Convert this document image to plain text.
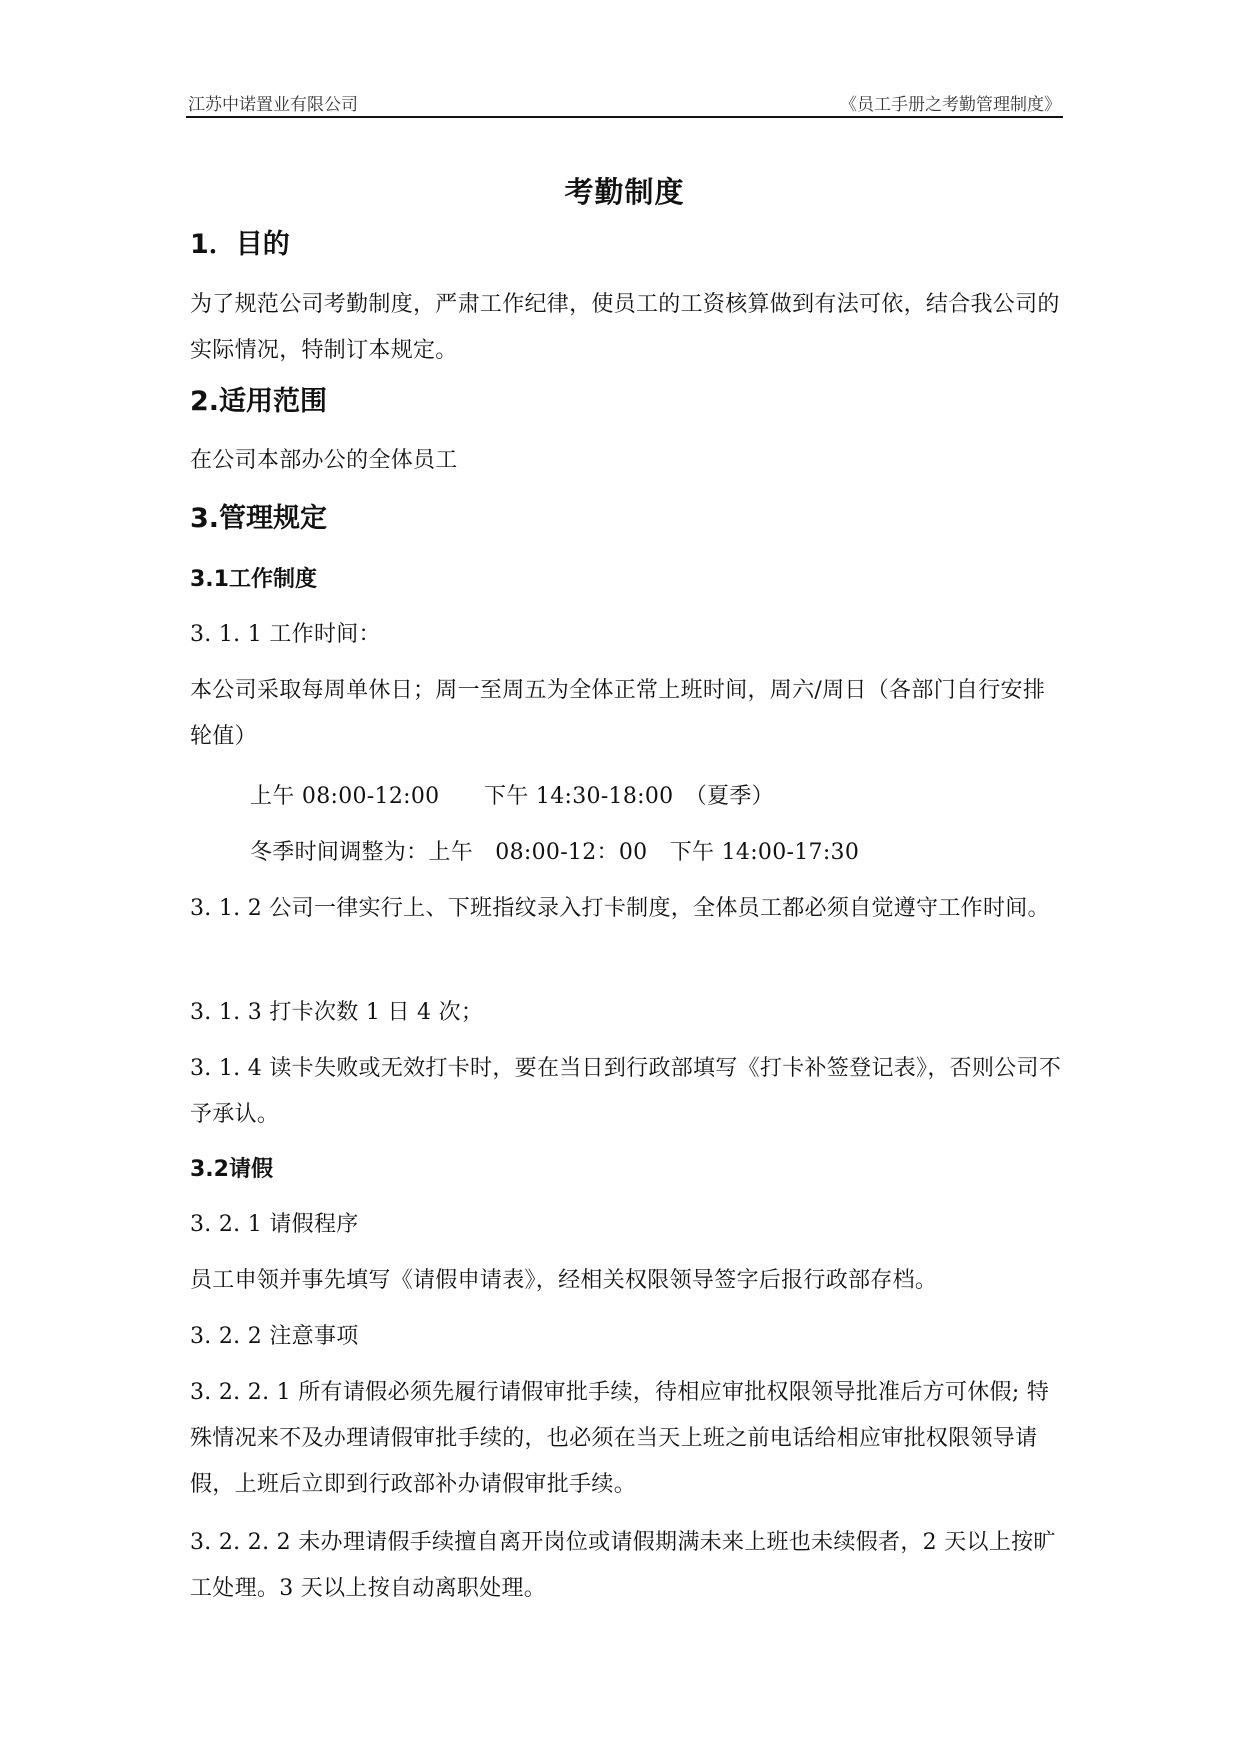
江苏中诺置业有限公司	《员工手册之考勤管理制度》
考勤制度
1．目的
为了规范公司考勤制度，严肃工作纪律，使员工的工资核算做到有法可依，结合我公司的实际情况，特制订本规定。
2.适用范围
在公司本部办公的全体员工
3.管理规定
3.1工作制度
3. 1. 1 工作时间：
本公司采取每周单休日；周一至周五为全体正常上班时间，周六/周日（各部门自行安排轮值）
上午 08:00-12:00　　下午 14:30-18:00　（夏季）
冬季时间调整为：上午　08:00-12：00　下午 14:00-17:30
3. 1. 2 公司一律实行上、下班指纹录入打卡制度，全体员工都必须自觉遵守工作时间。
3. 1. 3 打卡次数 1 日 4 次；
3. 1. 4 读卡失败或无效打卡时，要在当日到行政部填写《打卡补签登记表》，否则公司不予承认。
3.2请假
3. 2. 1 请假程序
员工申领并事先填写《请假申请表》，经相关权限领导签字后报行政部存档。
3. 2. 2 注意事项
3. 2. 2. 1 所有请假必须先履行请假审批手续，待相应审批权限领导批准后方可休假; 特殊情况来不及办理请假审批手续的，也必须在当天上班之前电话给相应审批权限领导请假，上班后立即到行政部补办请假审批手续。
3. 2. 2. 2 未办理请假手续擅自离开岗位或请假期满未来上班也未续假者，2 天以上按旷工处理。3 天以上按自动离职处理。
